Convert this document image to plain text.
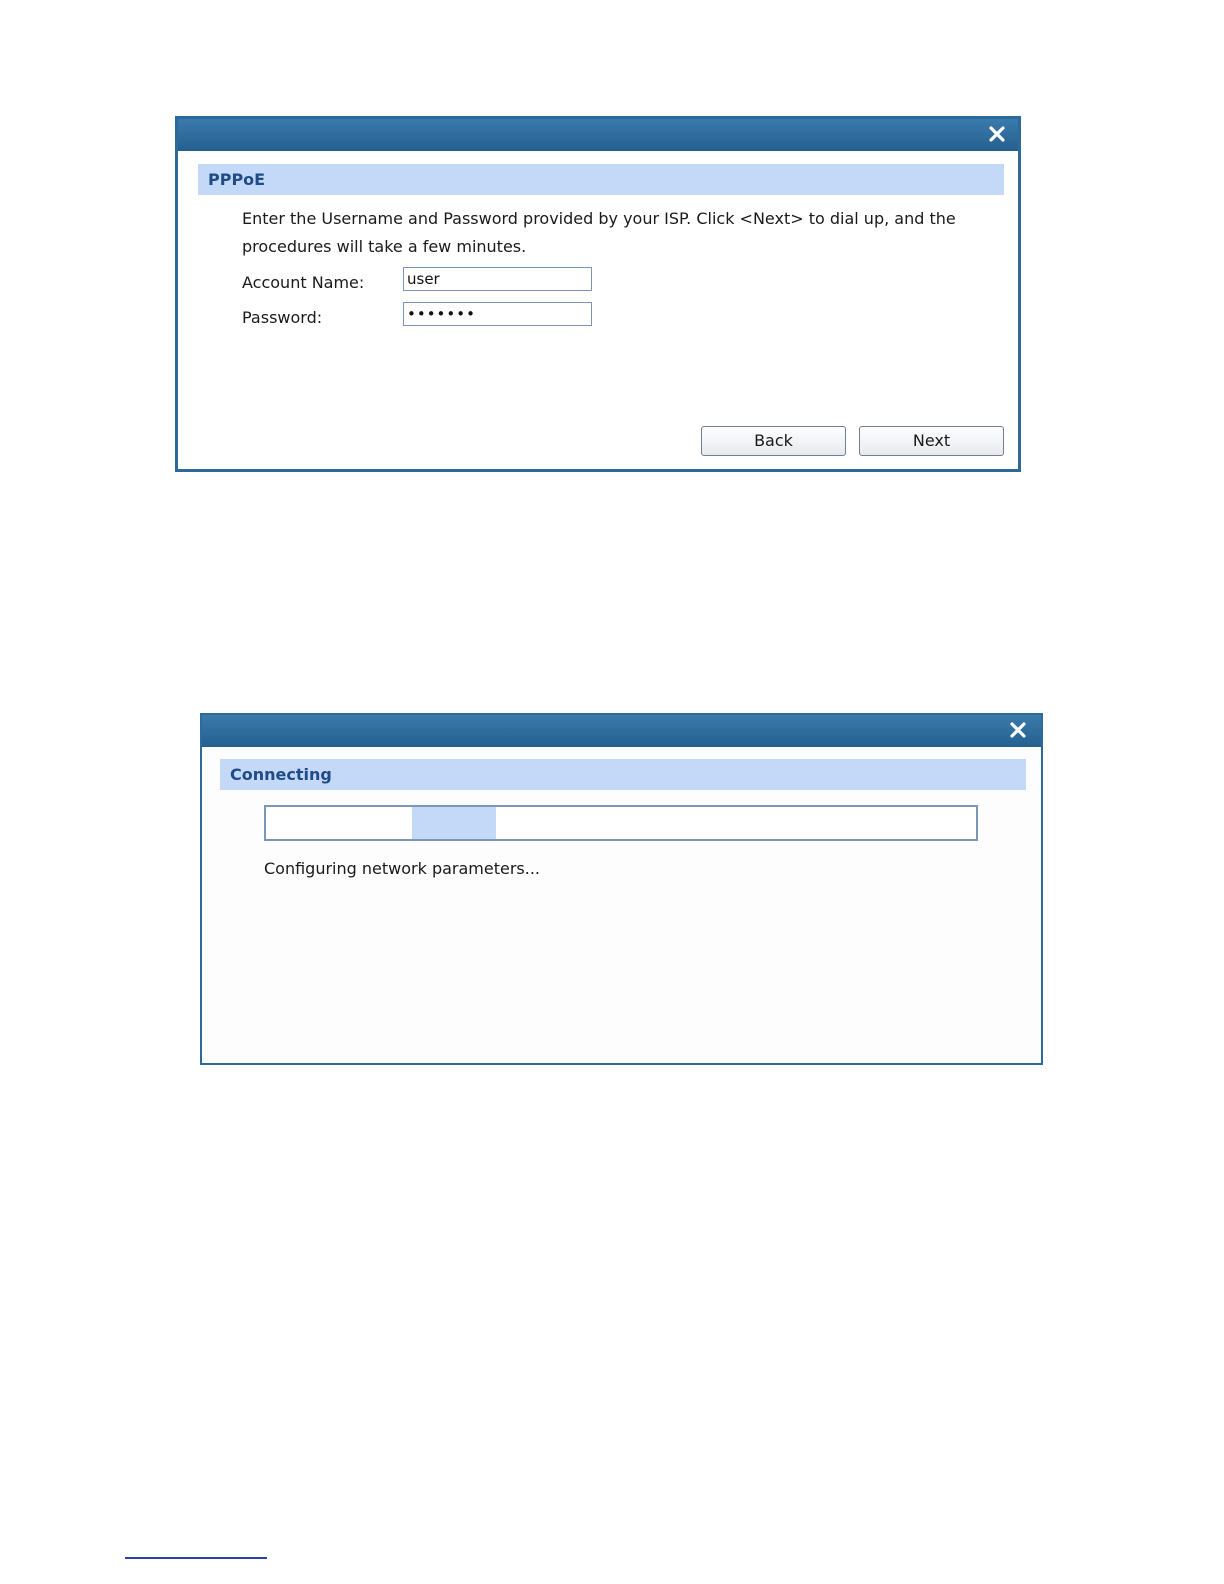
PPPoE
Enter the Username and Password provided by your ISP. Click <Next> to dial up, and the procedures will take a few minutes.
Account Name:
user
Password:
•••••••
Back	Next
Connecting
Configuring network parameters...
